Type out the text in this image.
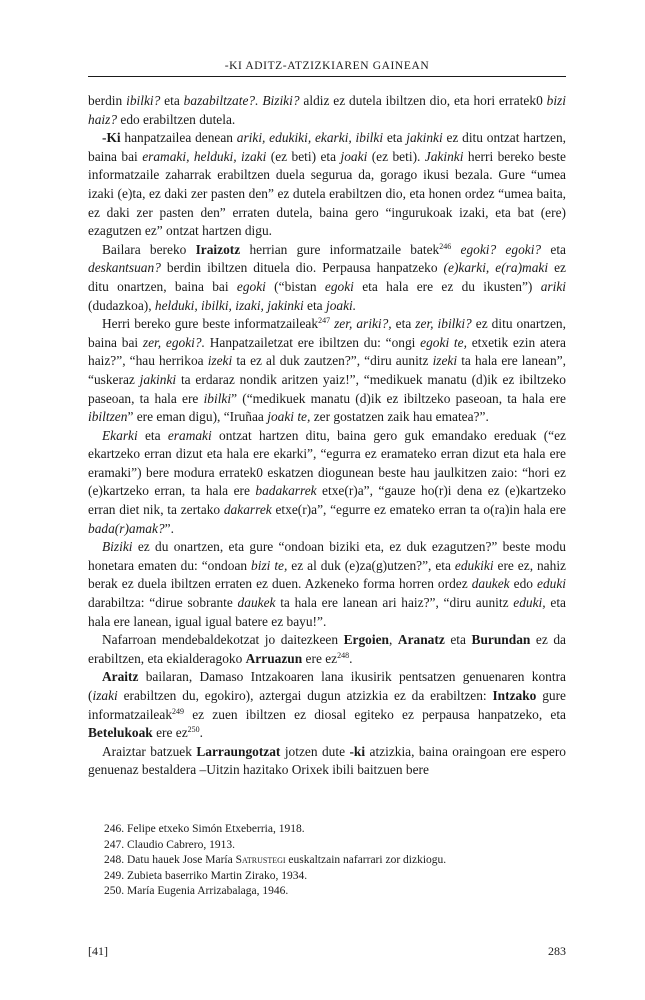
-KI ADITZ-ATZIZKIAREN GAINEAN

berdin ibilki? eta bazabiltzate?. Biziki? aldiz ez dutela ibiltzen dio, eta hori erratek0 bizi haiz? edo erabiltzen dutela.

-Ki hanpatzailea denean ariki, edukiki, ekarki, ibilki eta jakinki ez ditu ontzat hartzen, baina bai eramaki, helduki, izaki (ez beti) eta joaki (ez beti). Jakinki herri bereko beste informatzaile zaharrak erabiltzen duela segurua da, gorago ikusi bezala. Gure “umea izaki (e)ta, ez daki zer pasten den” ez dutela erabiltzen dio, eta honen ordez “umea baita, ez daki zer pasten den” erraten dutela, baina gero “ingurukoak izaki, eta bat (ere) ezagutzen ez” ontzat hartzen digu.

Bailara bereko Iraizotz herrian gure informatzaile batek$^{246}$ egoki? egoki? eta deskantsuan? berdin ibiltzen dituela dio. Perpausa hanpatzeko (e)karki, e(ra)maki ez ditu onartzen, baina bai egoki (“bistan egoki eta hala ere ez du ikusten”) ariki (dudazkoa), helduki, ibilki, izaki, jakinki eta joaki.

Herri bereko gure beste informatzaileak$^{247}$ zer, ariki?, eta zer, ibilki? ez ditu onartzen, baina bai zer, egoki?. Hanpatzailetzat ere ibiltzen du: “ongi egoki te, etxetik ezin atera haiz?”, “hau herrikoa izeki ta ez al duk zautzen?”, “diru aunitz izeki ta hala ere lanean”, “uskeraz jakinki ta erdaraz nondik aritzen yaiz!”, “medikuek manatu (d)ik ez ibiltzeko paseoan, ta hala ere ibilki” (“medikuek manatu (d)ik ez ibiltzeko paseoan, ta hala ere ibiltzen” ere eman digu), “Iruñaa joaki te, zer gostatzen zaik hau ematea?”.

Ekarki eta eramaki ontzat hartzen ditu, baina gero guk emandako ereduak (“ez ekartzeko erran dizut eta hala ere ekarki”, “egurra ez eramateko erran dizut eta hala ere eramaki”) bere modura erratek0 eskatzen diogunean beste hau jaulkitzen zaio: “hori ez (e)kartzeko erran, ta hala ere badakarrek etxe(r)a”, “gauze ho(r)i dena ez (e)kartzeko erran diet nik, ta zertako dakarrek etxe(r)a”, “egurre ez emateko erran ta o(ra)in hala ere bada(r)amak?”.

Biziki ez du onartzen, eta gure “ondoan biziki eta, ez duk ezagutzen?” beste modu honetara ematen du: “ondoan bizi te, ez al duk (e)za(g)utzen?”, eta edukiki ere ez, nahiz berak ez duela ibiltzen erraten ez duen. Azkeneko forma horren ordez daukek edo eduki darabiltza: “dirue sobrante daukek ta hala ere lanean ari haiz?”, “diru aunitz eduki, eta hala ere lanean, igual igual batere ez bayu!”.

Nafarroan mendebaldekotzat jo daitezkeen Ergoien, Aranatz eta Burundan ez da erabiltzen, eta ekialderagoko Arruazun ere $ez^{248}$.

Araitz bailaran, Damaso Intzakoaren lana ikusirik pentsatzen genuenaren kontra (izaki erabiltzen du, egokiro), aztergai dugun atzizkia ez da erabiltzen: Intzako gure informatzaileak$^{249}$ ez zuen ibiltzen ez diosal egiteko ez perpausa hanpatzeko, eta Betelukoak ere $ez^{250}$.

Araiztar batzuek Larraungotzat jotzen dute -ki atzizkia, baina oraingoan ere espero genuenaz bestaldera –Uitzin hazitako Orixek ibili baitzuen bere

246. Felipe etxeko Simón Etxeberria, 1918.
247. Claudio Cabrero, 1913.
248. Datu hauek Jose María Satrustegi euskaltzain nafarrari zor dizkiogu.
249. Zubieta baserriko Martin Zirako, 1934.
250. María Eugenia Arrizabalaga, 1946.
[41]	283
